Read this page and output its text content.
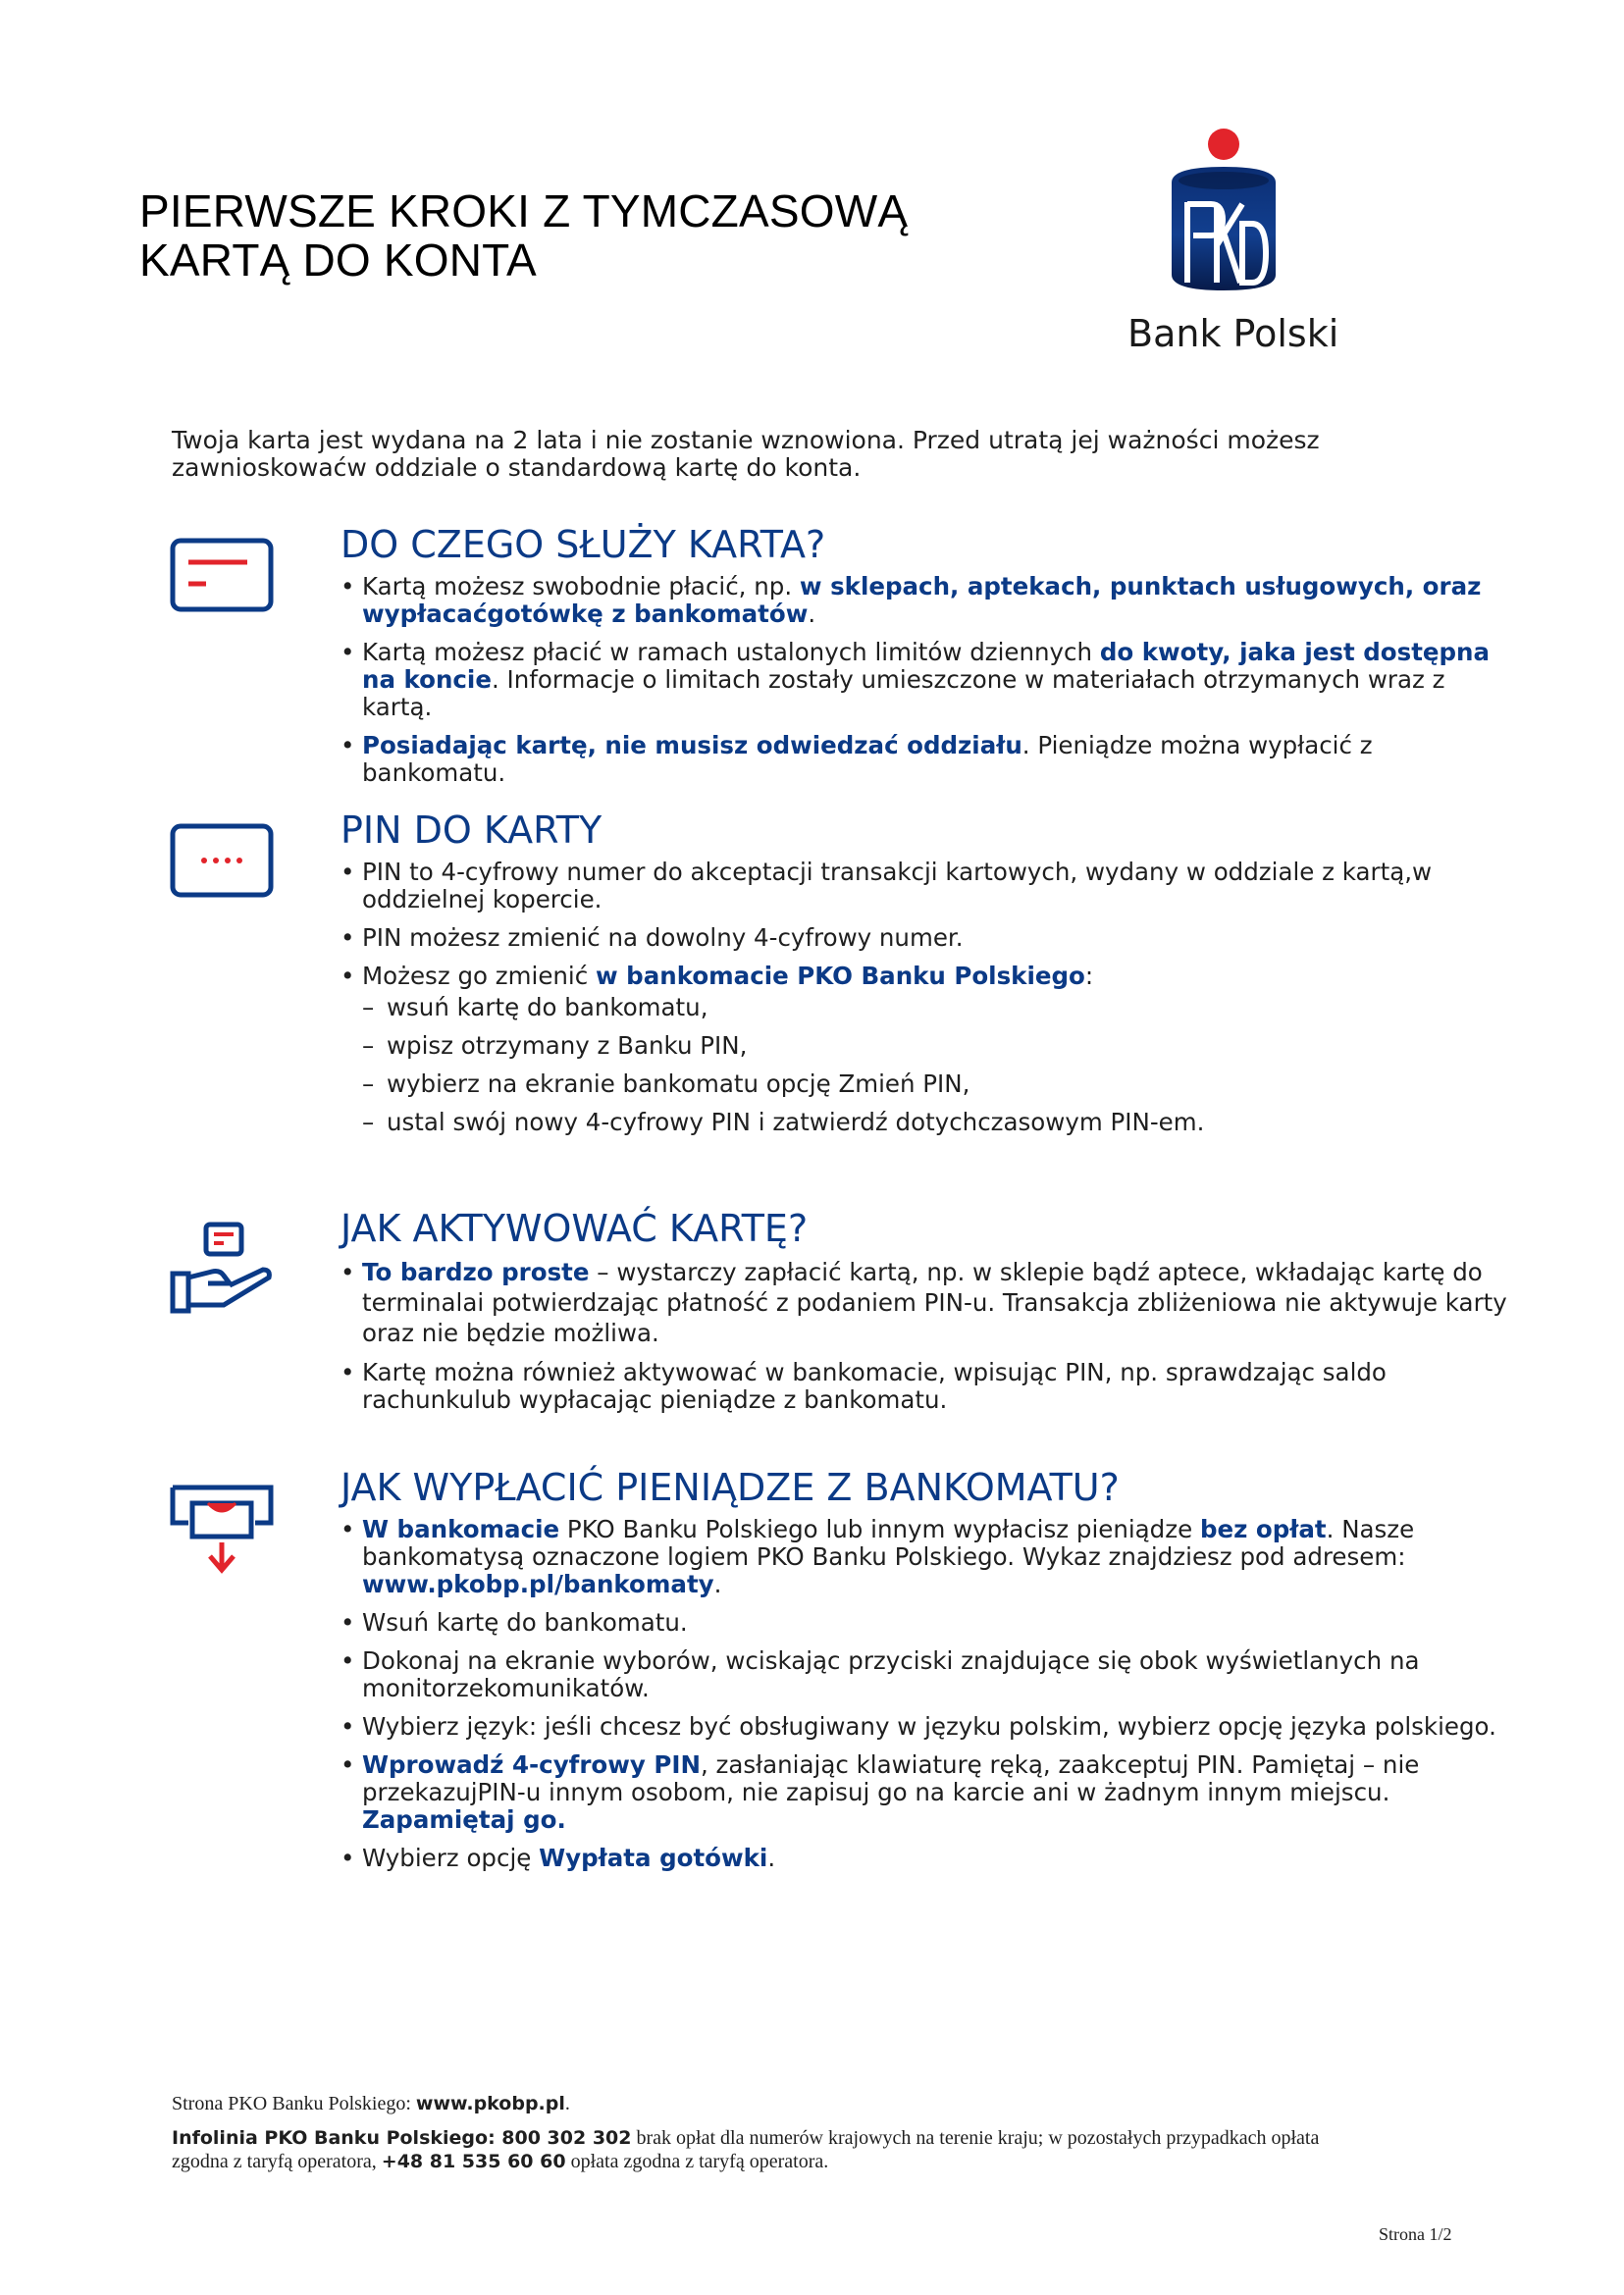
PIERWSZE KROKI Z TYMCZASOWĄ
KARTĄ DO KONTA
Bank Polski

Twoja karta jest wydana na 2 lata i nie zostanie wznowiona. Przed utratą jej ważności możesz zawnioskowaćw oddziale o standardową kartę do konta.

DO CZEGO SŁUŻY KARTA?
• Kartą możesz swobodnie płacić, np. w sklepach, aptekach, punktach usługowych, oraz wypłacaćgotówkę z bankomatów.
• Kartą możesz płacić w ramach ustalonych limitów dziennych do kwoty, jaka jest dostępna na koncie. Informacje o limitach zostały umieszczone w materiałach otrzymanych wraz z kartą.
• Posiadając kartę, nie musisz odwiedzać oddziału. Pieniądze można wypłacić z bankomatu.
PIN DO KARTY
• PIN to 4-cyfrowy numer do akceptacji transakcji kartowych, wydany w oddziale z kartą,w oddzielnej kopercie.
• PIN możesz zmienić na dowolny 4-cyfrowy numer.
• Możesz go zmienić w bankomacie PKO Banku Polskiego:
– wsuń kartę do bankomatu,
– wpisz otrzymany z Banku PIN,
– wybierz na ekranie bankomatu opcję Zmień PIN,
– ustal swój nowy 4-cyfrowy PIN i zatwierdź dotychczasowym PIN-em.
JAK AKTYWOWAĆ KARTĘ?
• To bardzo proste – wystarczy zapłacić kartą, np. w sklepie bądź aptece, wkładając kartę do terminalai potwierdzając płatność z podaniem PIN-u. Transakcja zbliżeniowa nie aktywuje karty oraz nie będzie możliwa.
• Kartę można również aktywować w bankomacie, wpisując PIN, np. sprawdzając saldo rachunkulub wypłacając pieniądze z bankomatu.
JAK WYPŁACIĆ PIENIĄDZE Z BANKOMATU?
• W bankomacie PKO Banku Polskiego lub innym wypłacisz pieniądze bez opłat. Nasze bankomatysą oznaczone logiem PKO Banku Polskiego. Wykaz znajdziesz pod adresem: www.pkobp.pl/bankomaty.
• Wsuń kartę do bankomatu.
• Dokonaj na ekranie wyborów, wciskając przyciski znajdujące się obok wyświetlanych na monitorzekomunikatów.
• Wybierz język: jeśli chcesz być obsługiwany w języku polskim, wybierz opcję języka polskiego.
• Wprowadź 4-cyfrowy PIN, zasłaniając klawiaturę ręką, zaakceptuj PIN. Pamiętaj – nie przekazujPIN-u innym osobom, nie zapisuj go na karcie ani w żadnym innym miejscu. Zapamiętaj go.
• Wybierz opcję Wypłata gotówki.
Strona PKO Banku Polskiego: www.pkobp.pl.
Infolinia PKO Banku Polskiego: 800 302 302 brak opłat dla numerów krajowych na terenie kraju; w pozostałych przypadkach opłata zgodna z taryfą operatora, +48 81 535 60 60 opłata zgodna z taryfą operatora.
Strona 1/2
